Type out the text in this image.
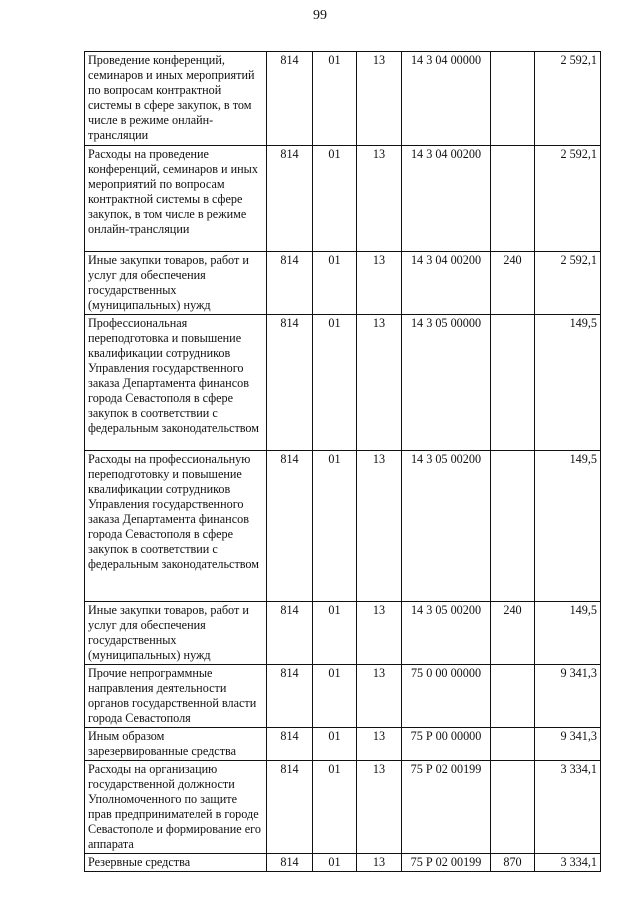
99
Проведение конференций, семинаров и иных мероприятий по вопросам контрактной системы в сфере закупок, в том числе в режиме онлайн-трансляции	814	01	13	14 3 04 00000		2 592,1
Расходы на проведение конференций, семинаров и иных мероприятий по вопросам контрактной системы в сфере закупок, в том числе в режиме онлайн-трансляции	814	01	13	14 3 04 00200		2 592,1
Иные закупки товаров, работ и услуг для обеспечения государственных (муниципальных) нужд	814	01	13	14 3 04 00200	240	2 592,1
Профессиональная переподготовка и повышение квалификации сотрудников Управления государственного заказа Департамента финансов города Севастополя в сфере закупок в соответствии с федеральным законодательством	814	01	13	14 3 05 00000		149,5
Расходы на профессиональную переподготовку и повышение квалификации сотрудников Управления государственного заказа Департамента финансов города Севастополя в сфере закупок в соответствии с федеральным законодательством	814	01	13	14 3 05 00200		149,5
Иные закупки товаров, работ и услуг для обеспечения государственных (муниципальных) нужд	814	01	13	14 3 05 00200	240	149,5
Прочие непрограммные направления деятельности органов государственной власти города Севастополя	814	01	13	75 0 00 00000		9 341,3
Иным образом зарезервированные средства	814	01	13	75 Р 00 00000		9 341,3
Расходы на организацию государственной должности Уполномоченного по защите прав предпринимателей в городе Севастополе и формирование его аппарата	814	01	13	75 Р 02 00199		3 334,1
Резервные средства	814	01	13	75 Р 02 00199	870	3 334,1
